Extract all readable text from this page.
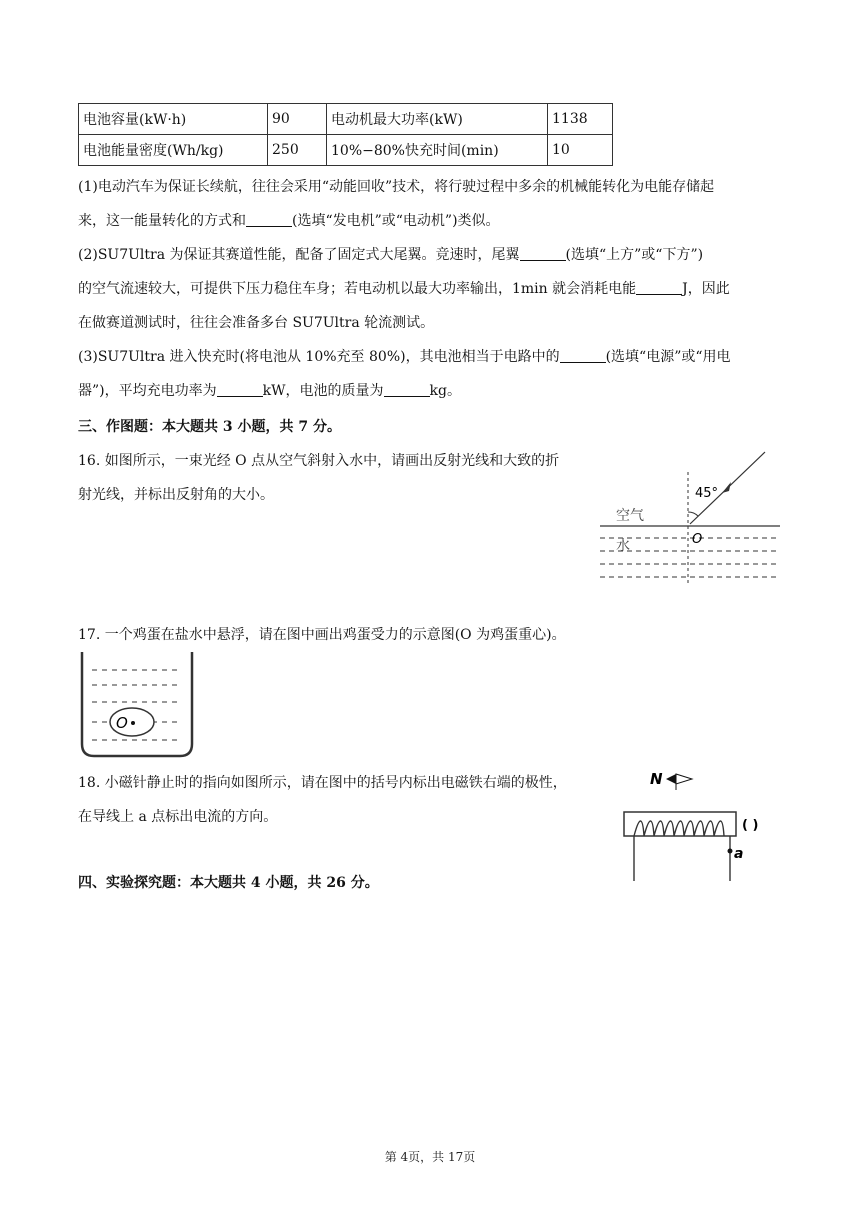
电池容量(kW·h)	90	电动机最大功率(kW)	1138
电池能量密度(Wh/kg)	250	10%−80%快充时间(min)	10
(1)电动汽车为保证长续航，往往会采用“动能回收”技术，将行驶过程中多余的机械能转化为电能存储起
来，这一能量转化的方式和	(选填“发电机”或“电动机”)类似。
(2)SU7Ultra 为保证其赛道性能，配备了固定式大尾翼。竞速时，尾翼	(选填“上方”或“下方”)
的空气流速较大，可提供下压力稳住车身；若电动机以最大功率输出，1min 就会消耗电能	J，因此
在做赛道测试时，往往会准备多台 SU7Ultra 轮流测试。
(3)SU7Ultra 进入快充时(将电池从 10%充至 80%)，其电池相当于电路中的	(选填“电源”或“用电
器”)，平均充电功率为	kW，电池的质量为	kg。
三、作图题：本大题共 3 小题，共 7 分。
16. 如图所示，一束光经 O 点从空气斜射入水中，请画出反射光线和大致的折
射光线，并标出反射角的大小。	45°
空气
水	O
17. 一个鸡蛋在盐水中悬浮，请在图中画出鸡蛋受力的示意图(O 为鸡蛋重心)。
O
18. 小磁针静止时的指向如图所示，请在图中的括号内标出电磁铁右端的极性，
在导线上 a 点标出电流的方向。
N
a
( )
四、实验探究题：本大题共 4 小题，共 26 分。
第 4页，共 17页
